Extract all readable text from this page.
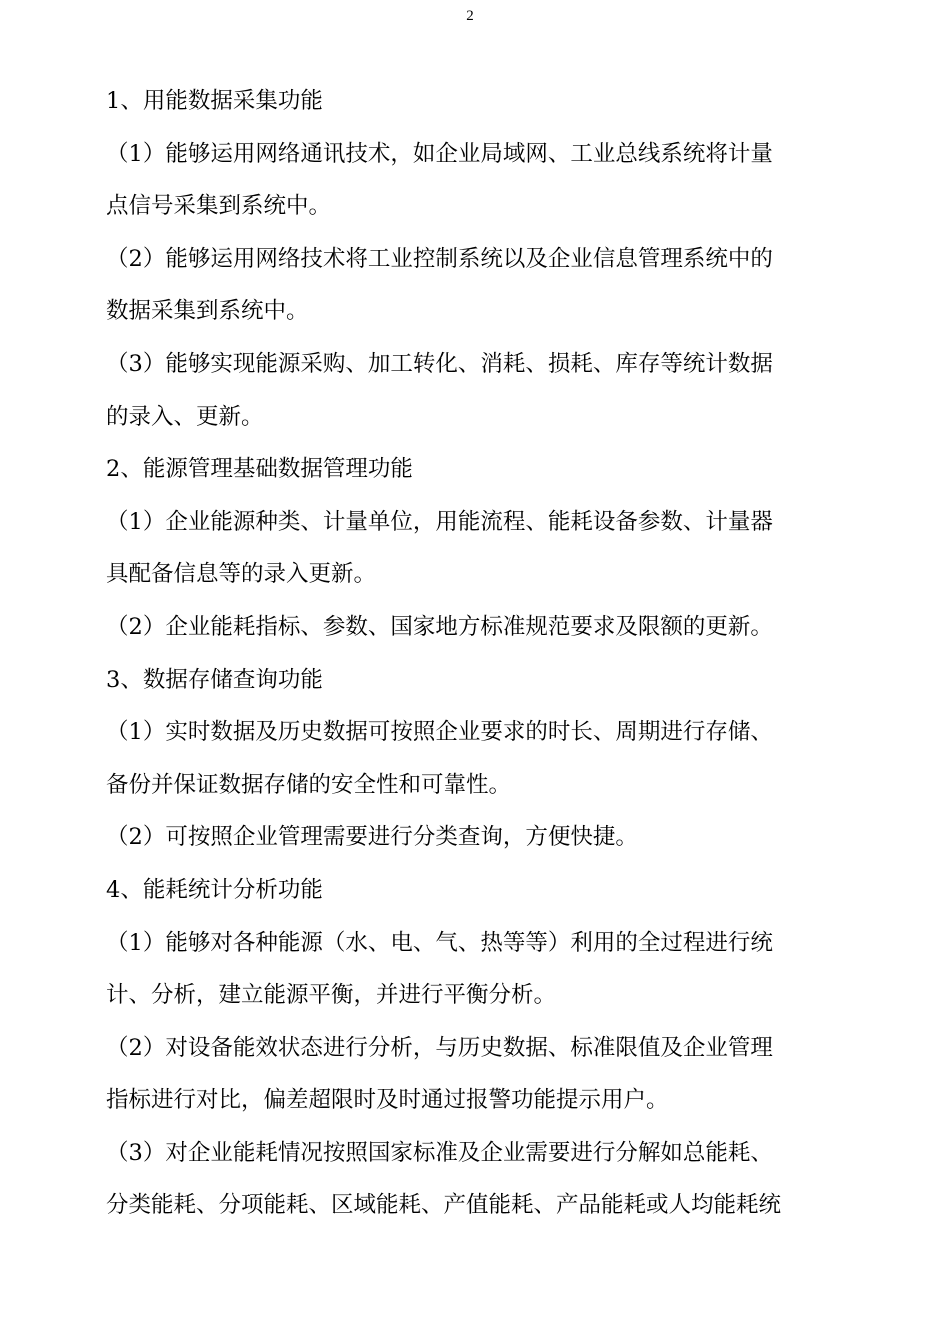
2
1、用能数据采集功能
（1）能够运用网络通讯技术，如企业局域网、工业总线系统将计量
点信号采集到系统中。
（2）能够运用网络技术将工业控制系统以及企业信息管理系统中的
数据采集到系统中。
（3）能够实现能源采购、加工转化、消耗、损耗、库存等统计数据
的录入、更新。
2、能源管理基础数据管理功能
（1）企业能源种类、计量单位，用能流程、能耗设备参数、计量器
具配备信息等的录入更新。
（2）企业能耗指标、参数、国家地方标准规范要求及限额的更新。
3、数据存储查询功能
（1）实时数据及历史数据可按照企业要求的时长、周期进行存储、
备份并保证数据存储的安全性和可靠性。
（2）可按照企业管理需要进行分类查询，方便快捷。
4、能耗统计分析功能
（1）能够对各种能源（水、电、气、热等等）利用的全过程进行统
计、分析，建立能源平衡，并进行平衡分析。
（2）对设备能效状态进行分析，与历史数据、标准限值及企业管理
指标进行对比，偏差超限时及时通过报警功能提示用户。
（3）对企业能耗情况按照国家标准及企业需要进行分解如总能耗、
分类能耗、分项能耗、区域能耗、产值能耗、产品能耗或人均能耗统
